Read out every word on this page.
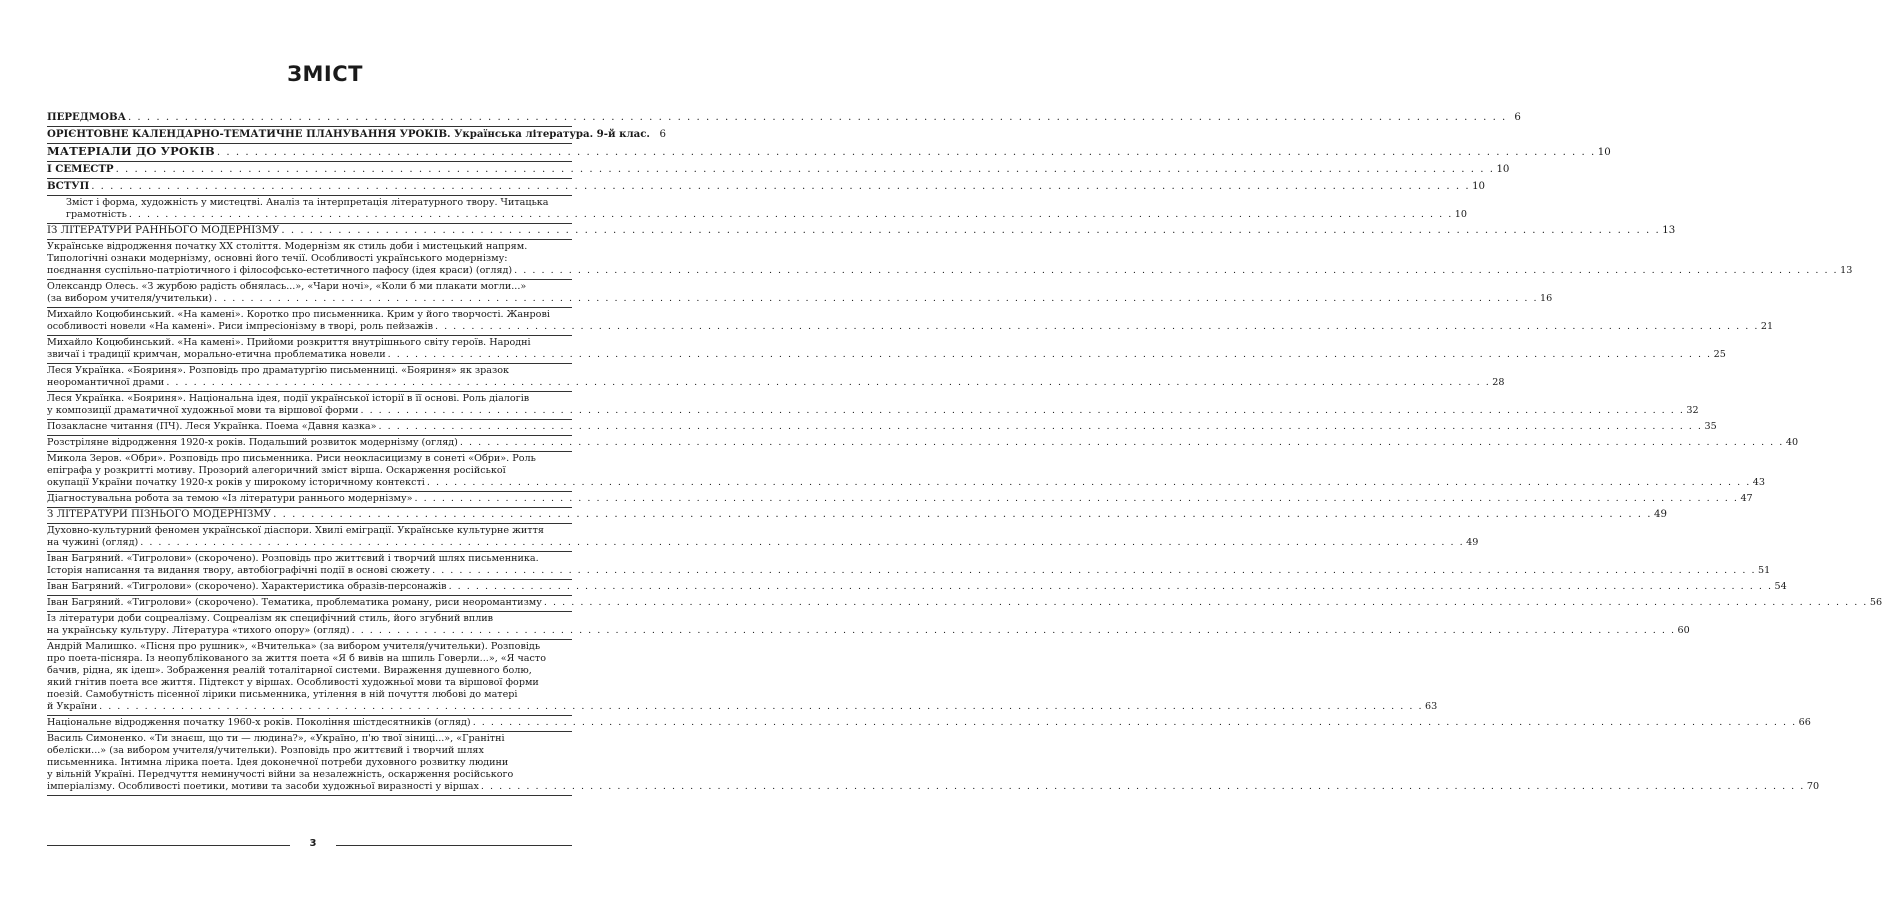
ЗМІСТ
ПЕРЕДМОВА . . .	6
ОРІЄНТОВНЕ КАЛЕНДАРНО-ТЕМАТИЧНЕ ПЛАНУВАННЯ УРОКІВ. Українська література. 9-й клас. 6
МАТЕРІАЛИ ДО УРОКІВ . . .	10
І СЕМЕСТР . . .	10
ВСТУП . . .	10
Зміст і форма, художність у мистецтві. Аналіз та інтерпретація літературного твору. Читацька
грамотність . . .	10
ІЗ ЛІТЕРАТУРИ РАННЬОГО МОДЕРНІЗМУ . . .	13
Українське відродження початку XX століття. Модернізм як стиль доби і мистецький напрям.
Типологічні ознаки модернізму, основні його течії. Особливості українського модернізму:
поєднання суспільно-патріотичного і філософсько-естетичного пафосу (ідея краси) (огляд) . . .	13
Олександр Олесь. «З журбою радість обнялась...», «Чари ночі», «Коли б ми плакати могли...»
(за вибором учителя/учительки) . . .	16
Михайло Коцюбинський. «На камені». Коротко про письменника. Крим у його творчості. Жанрові
особливості новели «На камені». Риси імпресіонізму в творі, роль пейзажів . . .	21
Михайло Коцюбинський. «На камені». Прийоми розкриття внутрішнього світу героїв. Народні
звичаї і традиції кримчан, морально-етична проблематика новели . . .	25
Леся Українка. «Бояриня». Розповідь про драматургію письменниці. «Бояриня» як зразок
неоромантичної драми . . .	28
Леся Українка. «Бояриня». Національна ідея, події української історії в її основі. Роль діалогів
у композиції драматичної художньої мови та віршової форми . . .	32
Позакласне читання (ПЧ). Леся Українка. Поема «Давня казка» . . .	35
Розстріляне відродження 1920-х років. Подальший розвиток модернізму (огляд) . . .	40
Микола Зеров. «Обри». Розповідь про письменника. Риси неокласицизму в сонеті «Обри». Роль
епіграфа у розкритті мотиву. Прозорий алегоричний зміст вірша. Оскарження російської
окупації України початку 1920-х років у широкому історичному контексті . . .	43
Діагностувальна робота за темою «Із літератури раннього модернізму» . . .	47
З ЛІТЕРАТУРИ ПІЗНЬОГО МОДЕРНІЗМУ . . .	49
Духовно-культурний феномен української діаспори. Хвилі еміграції. Українське культурне життя
на чужині (огляд) . . .	49
Іван Багряний. «Тигролови» (скорочено). Розповідь про життєвий і творчий шлях письменника.
Історія написання та видання твору, автобіографічні події в основі сюжету . . .	51
Іван Багряний. «Тигролови» (скорочено). Характеристика образів-персонажів . . .	54
Іван Багряний. «Тигролови» (скорочено). Тематика, проблематика роману, риси неоромантизму . . .	56
Із літератури доби соцреалізму. Соцреалізм як специфічний стиль, його згубний вплив
на українську культуру. Література «тихого опору» (огляд) . . .	60
Андрій Малишко. «Пісня про рушник», «Вчителька» (за вибором учителя/учительки). Розповідь
про поета-пісняра. Із неопублікованого за життя поета «Я б вивів на шпиль Говерли...», «Я часто
бачив, рідна, як ідеш». Зображення реалій тоталітарної системи. Вираження душевного болю,
який гнітив поета все життя. Підтекст у віршах. Особливості художньої мови та віршової форми
поезій. Самобутність пісенної лірики письменника, утілення в ній почуття любові до матері
й України . . .	63
Національне відродження початку 1960-х років. Покоління шістдесятників (огляд) . . .	66
Василь Симоненко. «Ти знаєш, що ти — людина?», «Україно, п'ю твої зіниці...», «Гранітні
обеліски...» (за вибором учителя/учительки). Розповідь про життєвий і творчий шлях
письменника. Інтимна лірика поета. Ідея доконечної потреби духовного розвитку людини
у вільній Україні. Передчуття неминучості війни за незалежність, оскарження російського
імперіалізму. Особливості поетики, мотиви та засоби художньої виразності у віршах . . .	70
3
